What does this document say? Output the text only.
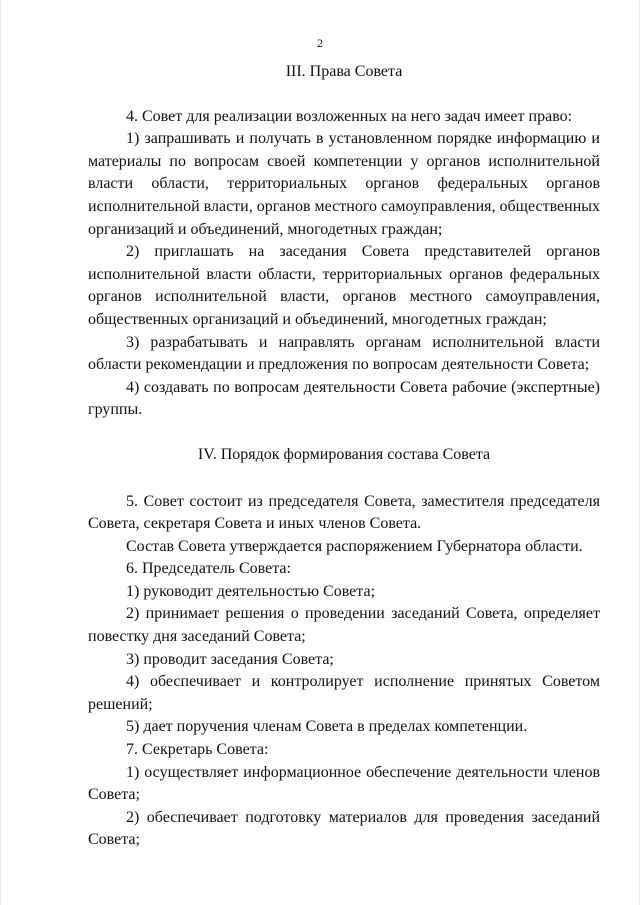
2
III. Права Совета

4. Совет для реализации возложенных на него задач имеет право:

1) запрашивать и получать в установленном порядке информацию и материалы по вопросам своей компетенции у органов исполнительной власти области, территориальных органов федеральных органов исполнительной власти, органов местного самоуправления, общественных организаций и объединений, многодетных граждан;

2) приглашать на заседания Совета представителей органов исполнительной власти области, территориальных органов федеральных органов исполнительной власти, органов местного самоуправления, общественных организаций и объединений, многодетных граждан;

3) разрабатывать и направлять органам исполнительной власти области рекомендации и предложения по вопросам деятельности Совета;

4) создавать по вопросам деятельности Совета рабочие (экспертные) группы.

IV. Порядок формирования состава Совета

5. Совет состоит из председателя Совета, заместителя председателя Совета, секретаря Совета и иных членов Совета.

Состав Совета утверждается распоряжением Губернатора области.

6. Председатель Совета:

1) руководит деятельностью Совета;

2) принимает решения о проведении заседаний Совета, определяет повестку дня заседаний Совета;

3) проводит заседания Совета;

4) обеспечивает и контролирует исполнение принятых Советом решений;

5) дает поручения членам Совета в пределах компетенции.

7. Секретарь Совета:

1) осуществляет информационное обеспечение деятельности членов Совета;

2) обеспечивает подготовку материалов для проведения заседаний Совета;
